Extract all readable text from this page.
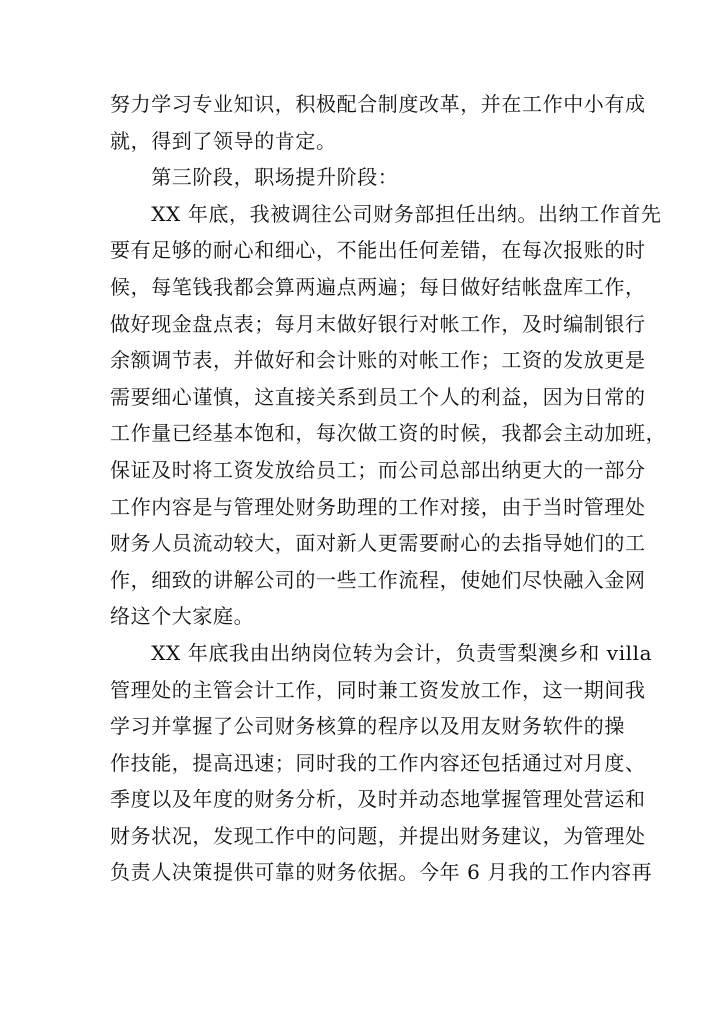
努力学习专业知识，积极配合制度改革，并在工作中小有成
就，得到了领导的肯定。
　　第三阶段，职场提升阶段：
　　XX 年底，我被调往公司财务部担任出纳。出纳工作首先
要有足够的耐心和细心，不能出任何差错，在每次报账的时
候，每笔钱我都会算两遍点两遍；每日做好结帐盘库工作，
做好现金盘点表；每月末做好银行对帐工作，及时编制银行
余额调节表，并做好和会计账的对帐工作；工资的发放更是
需要细心谨慎，这直接关系到员工个人的利益，因为日常的
工作量已经基本饱和，每次做工资的时候，我都会主动加班，
保证及时将工资发放给员工；而公司总部出纳更大的一部分
工作内容是与管理处财务助理的工作对接，由于当时管理处
财务人员流动较大，面对新人更需要耐心的去指导她们的工
作，细致的讲解公司的一些工作流程，使她们尽快融入金网
络这个大家庭。
　　XX 年底我由出纳岗位转为会计，负责雪梨澳乡和 villa
管理处的主管会计工作，同时兼工资发放工作，这一期间我
学习并掌握了公司财务核算的程序以及用友财务软件的操
作技能，提高迅速；同时我的工作内容还包括通过对月度、
季度以及年度的财务分析，及时并动态地掌握管理处营运和
财务状况，发现工作中的问题，并提出财务建议，为管理处
负责人决策提供可靠的财务依据。今年 6 月我的工作内容再
